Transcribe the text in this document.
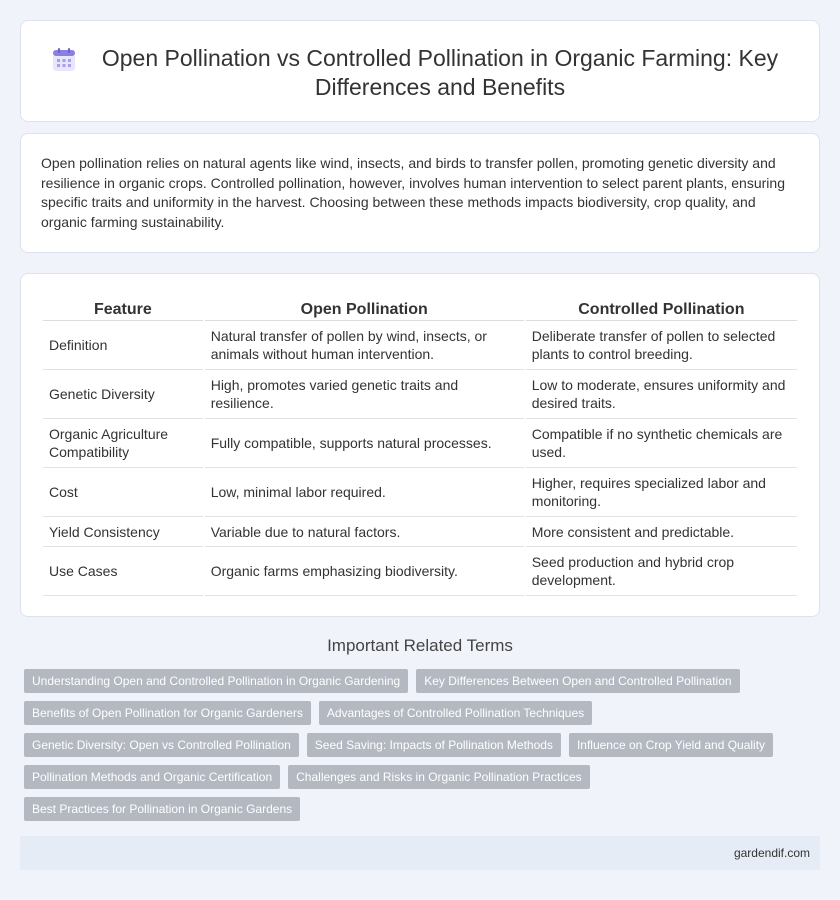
Open Pollination vs Controlled Pollination in Organic Farming: Key Differences and Benefits

Open pollination relies on natural agents like wind, insects, and birds to transfer pollen, promoting genetic diversity and resilience in organic crops. Controlled pollination, however, involves human intervention to select parent plants, ensuring specific traits and uniformity in the harvest. Choosing between these methods impacts biodiversity, crop quality, and organic farming sustainability.

Feature	Open Pollination	Controlled Pollination
Definition	Natural transfer of pollen by wind, insects, or animals without human intervention.	Deliberate transfer of pollen to selected plants to control breeding.
Genetic Diversity	High, promotes varied genetic traits and resilience.	Low to moderate, ensures uniformity and desired traits.
Organic Agriculture Compatibility	Fully compatible, supports natural processes.	Compatible if no synthetic chemicals are used.
Cost	Low, minimal labor required.	Higher, requires specialized labor and monitoring.
Yield Consistency	Variable due to natural factors.	More consistent and predictable.
Use Cases	Organic farms emphasizing biodiversity.	Seed production and hybrid crop development.
Important Related Terms
Understanding Open and Controlled Pollination in Organic Gardening	Key Differences Between Open and Controlled Pollination
Benefits of Open Pollination for Organic Gardeners	Advantages of Controlled Pollination Techniques
Genetic Diversity: Open vs Controlled Pollination	Seed Saving: Impacts of Pollination Methods	Influence on Crop Yield and Quality
Pollination Methods and Organic Certification	Challenges and Risks in Organic Pollination Practices
Best Practices for Pollination in Organic Gardens
gardendif.com
